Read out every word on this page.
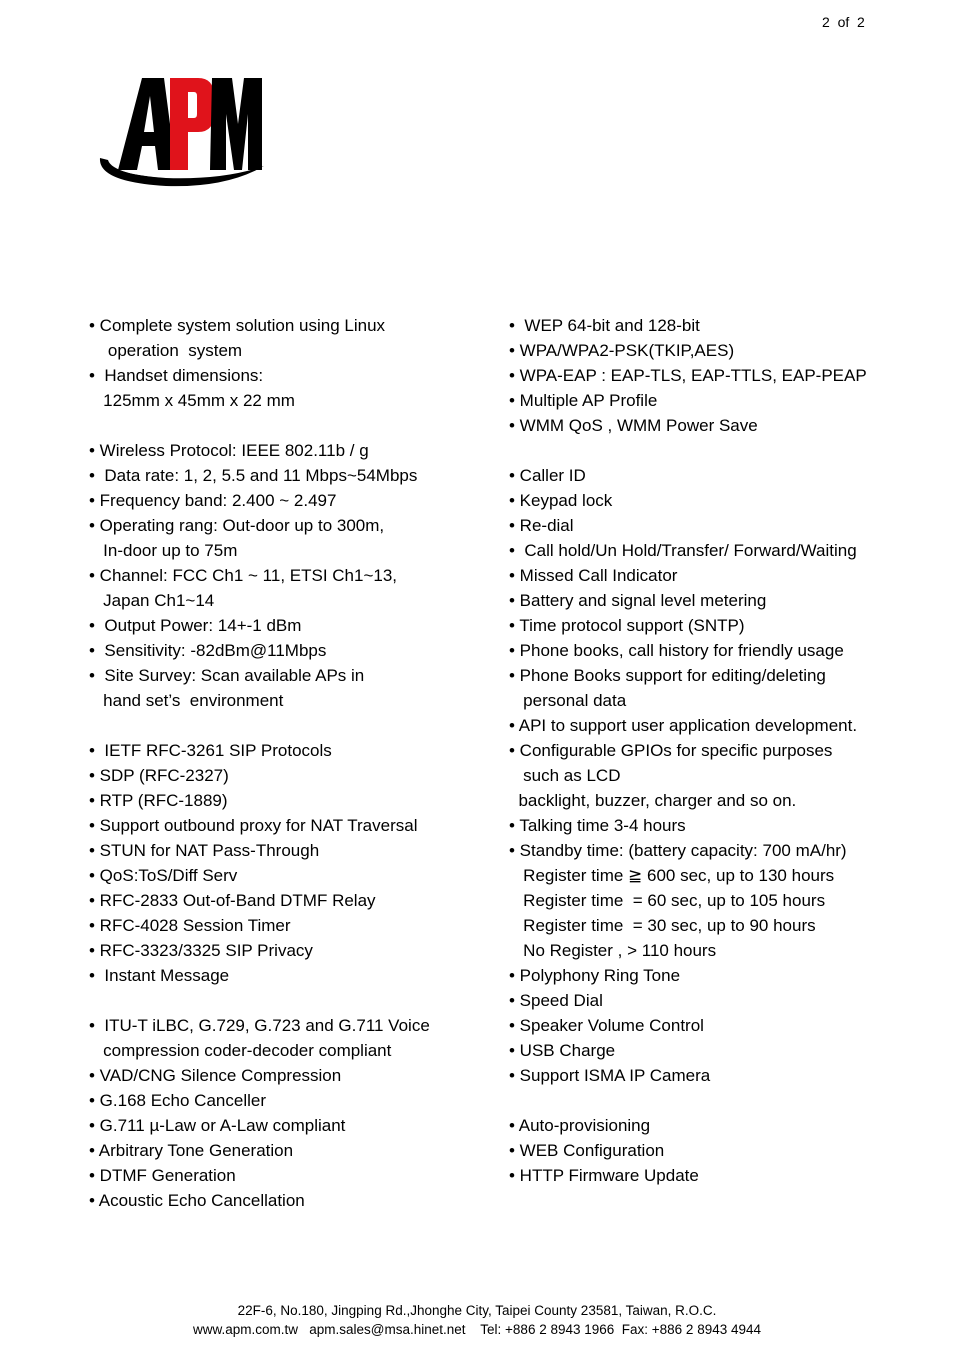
2  of  2
• Complete system solution using Linux
operation  system
•  Handset dimensions:
125mm x 45mm x 22 mm
• Wireless Protocol: IEEE 802.11b / g
•  Data rate: 1, 2, 5.5 and 11 Mbps~54Mbps
• Frequency band: 2.400 ~ 2.497
• Operating rang: Out-door up to 300m,
In-door up to 75m
• Channel: FCC Ch1 ~ 11, ETSI Ch1~13,
Japan Ch1~14
•  Output Power: 14+-1 dBm
•  Sensitivity: -82dBm@11Mbps
•  Site Survey: Scan available APs in
hand set’s  environment
•  IETF RFC-3261 SIP Protocols
• SDP (RFC-2327)
• RTP (RFC-1889)
• Support outbound proxy for NAT Traversal
• STUN for NAT Pass-Through
• QoS:ToS/Diff Serv
• RFC-2833 Out-of-Band DTMF Relay
• RFC-4028 Session Timer
• RFC-3323/3325 SIP Privacy
•  Instant Message
•  ITU-T iLBC, G.729, G.723 and G.711 Voice
compression coder-decoder compliant
• VAD/CNG Silence Compression
• G.168 Echo Canceller
• G.711 µ-Law or A-Law compliant
• Arbitrary Tone Generation
• DTMF Generation
• Acoustic Echo Cancellation
•  WEP 64-bit and 128-bit
• WPA/WPA2-PSK(TKIP,AES)
• WPA-EAP : EAP-TLS, EAP-TTLS, EAP-PEAP
• Multiple AP Profile
• WMM QoS , WMM Power Save
• Caller ID
• Keypad lock
• Re-dial
•  Call hold/Un Hold/Transfer/ Forward/Waiting
• Missed Call Indicator
• Battery and signal level metering
• Time protocol support (SNTP)
• Phone books, call history for friendly usage
• Phone Books support for editing/deleting
personal data
• API to support user application development.
• Configurable GPIOs for specific purposes
such as LCD
backlight, buzzer, charger and so on.
• Talking time 3-4 hours
• Standby time: (battery capacity: 700 mA/hr)
Register time ≧ 600 sec, up to 130 hours
Register time  = 60 sec, up to 105 hours
Register time  = 30 sec, up to 90 hours
No Register , > 110 hours
• Polyphony Ring Tone
• Speed Dial
• Speaker Volume Control
• USB Charge
• Support ISMA IP Camera
• Auto-provisioning
• WEB Configuration
• HTTP Firmware Update
22F-6, No.180, Jingping Rd.,Jhonghe City, Taipei County 23581, Taiwan, R.O.C.
www.apm.com.tw   apm.sales@msa.hinet.net    Tel: +886 2 8943 1966  Fax: +886 2 8943 4944
